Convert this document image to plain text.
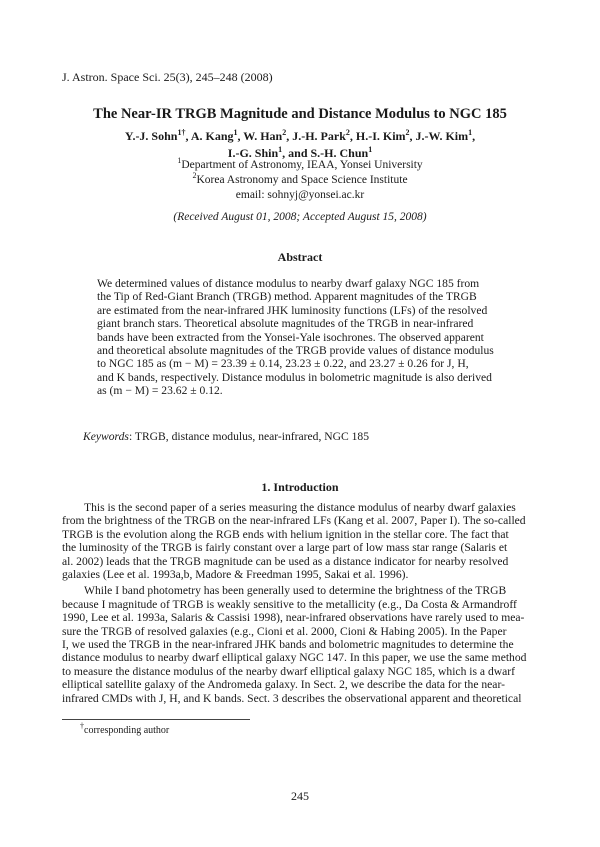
J. Astron. Space Sci. 25(3), 245–248 (2008)
The Near-IR TRGB Magnitude and Distance Modulus to NGC 185
Y.-J. Sohn$^{1\dagger}$, A. Kang$^1$, W. Han$^2$, J.-H. Park$^2$, H.-I. Kim$^2$, J.-W. Kim$^1$,
I.-G. Shin$^1$, and S.-H. Chun$^1$
$^1$Department of Astronomy, IEAA, Yonsei University
$^2$Korea Astronomy and Space Science Institute
email: sohnyj@yonsei.ac.kr
(Received August 01, 2008; Accepted August 15, 2008)
Abstract

We determined values of distance modulus to nearby dwarf galaxy NGC 185 from

the Tip of Red-Giant Branch (TRGB) method. Apparent magnitudes of the TRGB

are estimated from the near-infrared JHK luminosity functions (LFs) of the resolved

giant branch stars. Theoretical absolute magnitudes of the TRGB in near-infrared

bands have been extracted from the Yonsei-Yale isochrones. The observed apparent

and theoretical absolute magnitudes of the TRGB provide values of distance modulus

to NGC 185 as (m − M) = 23.39 ± 0.14, 23.23 ± 0.22, and 23.27 ± 0.26 for J, H,

and K bands, respectively. Distance modulus in bolometric magnitude is also derived

as (m − M) = 23.62 ± 0.12.

Keywords: TRGB, distance modulus, near-infrared, NGC 185
1. Introduction
This is the second paper of a series measuring the distance modulus of nearby dwarf galaxies
from the brightness of the TRGB on the near-infrared LFs (Kang et al. 2007, Paper I). The so-called
TRGB is the evolution along the RGB ends with helium ignition in the stellar core. The fact that
the luminosity of the TRGB is fairly constant over a large part of low mass star range (Salaris et
al. 2002) leads that the TRGB magnitude can be used as a distance indicator for nearby resolved
galaxies (Lee et al. 1993a,b, Madore & Freedman 1995, Sakai et al. 1996).
While I band photometry has been generally used to determine the brightness of the TRGB
because I magnitude of TRGB is weakly sensitive to the metallicity (e.g., Da Costa & Armandroff
1990, Lee et al. 1993a, Salaris & Cassisi 1998), near-infrared observations have rarely used to mea-
sure the TRGB of resolved galaxies (e.g., Cioni et al. 2000, Cioni & Habing 2005). In the Paper
I, we used the TRGB in the near-infrared JHK bands and bolometric magnitudes to determine the
distance modulus to nearby dwarf elliptical galaxy NGC 147. In this paper, we use the same method
to measure the distance modulus of the nearby dwarf elliptical galaxy NGC 185, which is a dwarf
elliptical satellite galaxy of the Andromeda galaxy. In Sect. 2, we describe the data for the near-
infrared CMDs with J, H, and K bands. Sect. 3 describes the observational apparent and theoretical
†corresponding author
245
